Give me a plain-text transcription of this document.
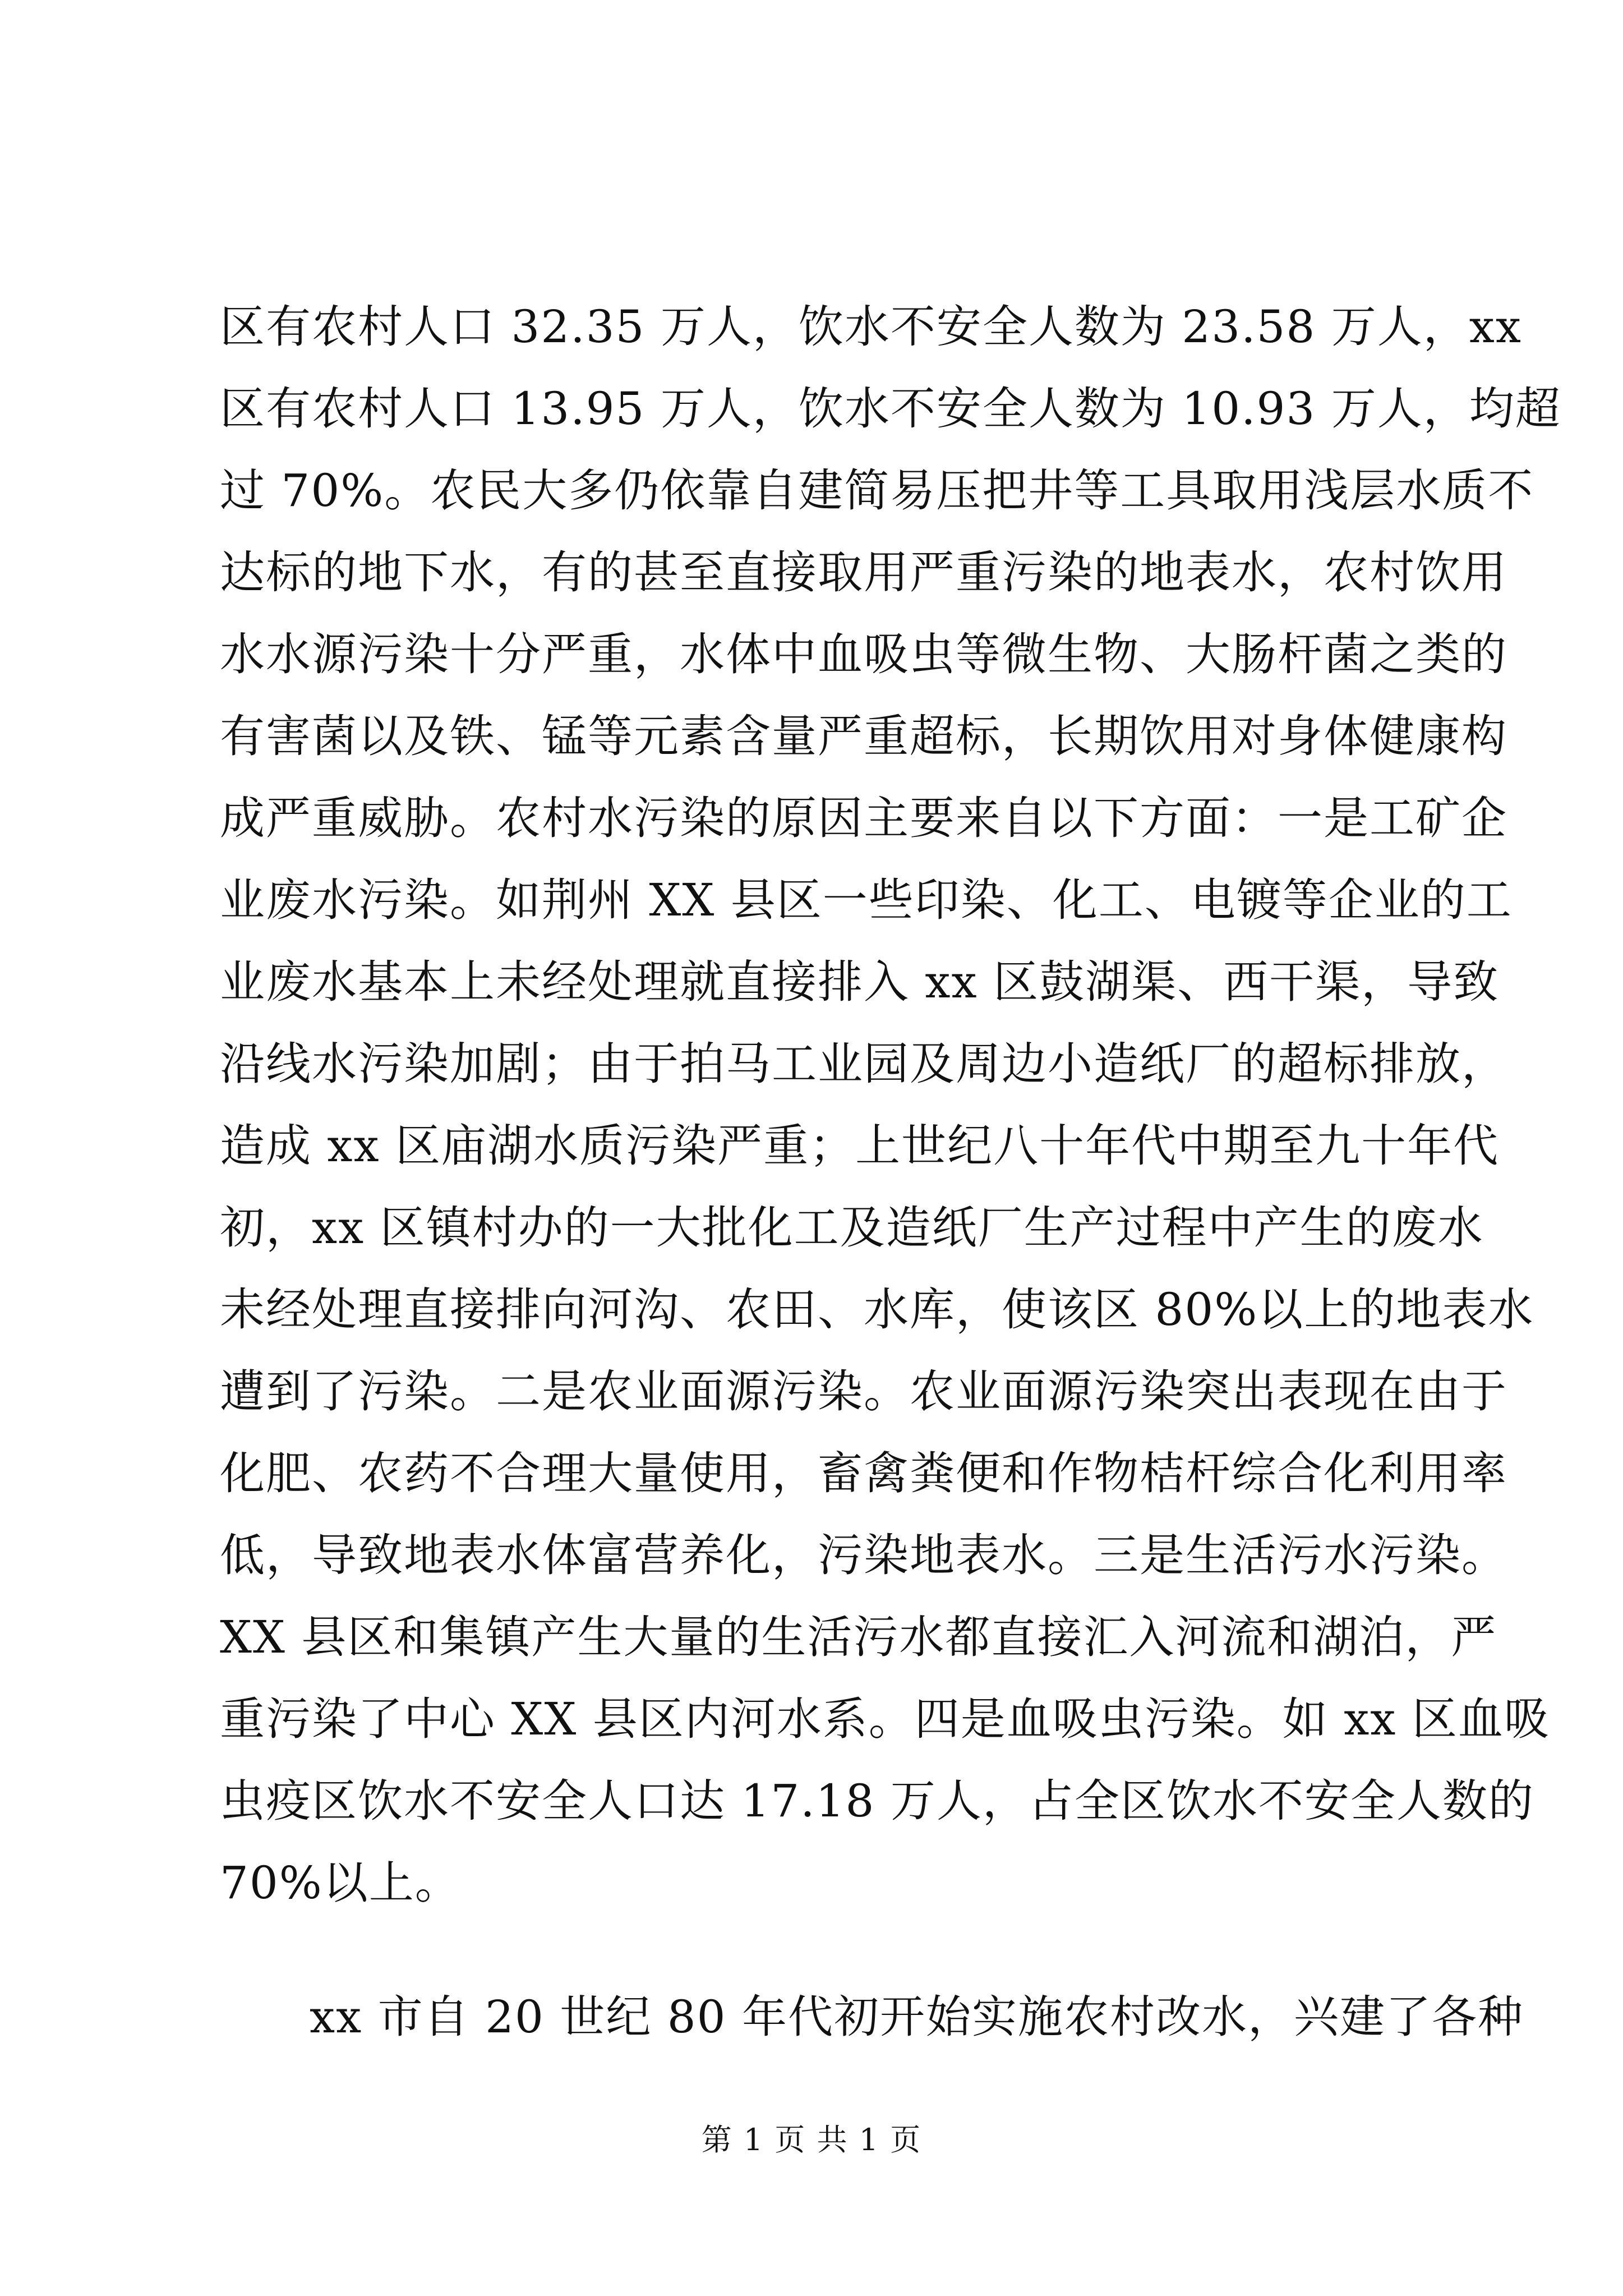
区有农村人口 32.35 万人，饮水不安全人数为 23.58 万人，xx
区有农村人口 13.95 万人，饮水不安全人数为 10.93 万人，均超
过 70%。农民大多仍依靠自建简易压把井等工具取用浅层水质不
达标的地下水，有的甚至直接取用严重污染的地表水，农村饮用
水水源污染十分严重，水体中血吸虫等微生物、大肠杆菌之类的
有害菌以及铁、锰等元素含量严重超标，长期饮用对身体健康构
成严重威胁。农村水污染的原因主要来自以下方面：一是工矿企
业废水污染。如荆州 XX 县区一些印染、化工、电镀等企业的工
业废水基本上未经处理就直接排入 xx 区鼓湖渠、西干渠，导致
沿线水污染加剧；由于拍马工业园及周边小造纸厂的超标排放，
造成 xx 区庙湖水质污染严重；上世纪八十年代中期至九十年代
初，xx 区镇村办的一大批化工及造纸厂生产过程中产生的废水
未经处理直接排向河沟、农田、水库，使该区 80%以上的地表水
遭到了污染。二是农业面源污染。农业面源污染突出表现在由于
化肥、农药不合理大量使用，畜禽粪便和作物桔杆综合化利用率
低，导致地表水体富营养化，污染地表水。三是生活污水污染。
XX 县区和集镇产生大量的生活污水都直接汇入河流和湖泊，严
重污染了中心 XX 县区内河水系。四是血吸虫污染。如 xx 区血吸
虫疫区饮水不安全人口达 17.18 万人，占全区饮水不安全人数的
70%以上。
xx 市自 20 世纪 80 年代初开始实施农村改水，兴建了各种
第 1 页 共 1 页
